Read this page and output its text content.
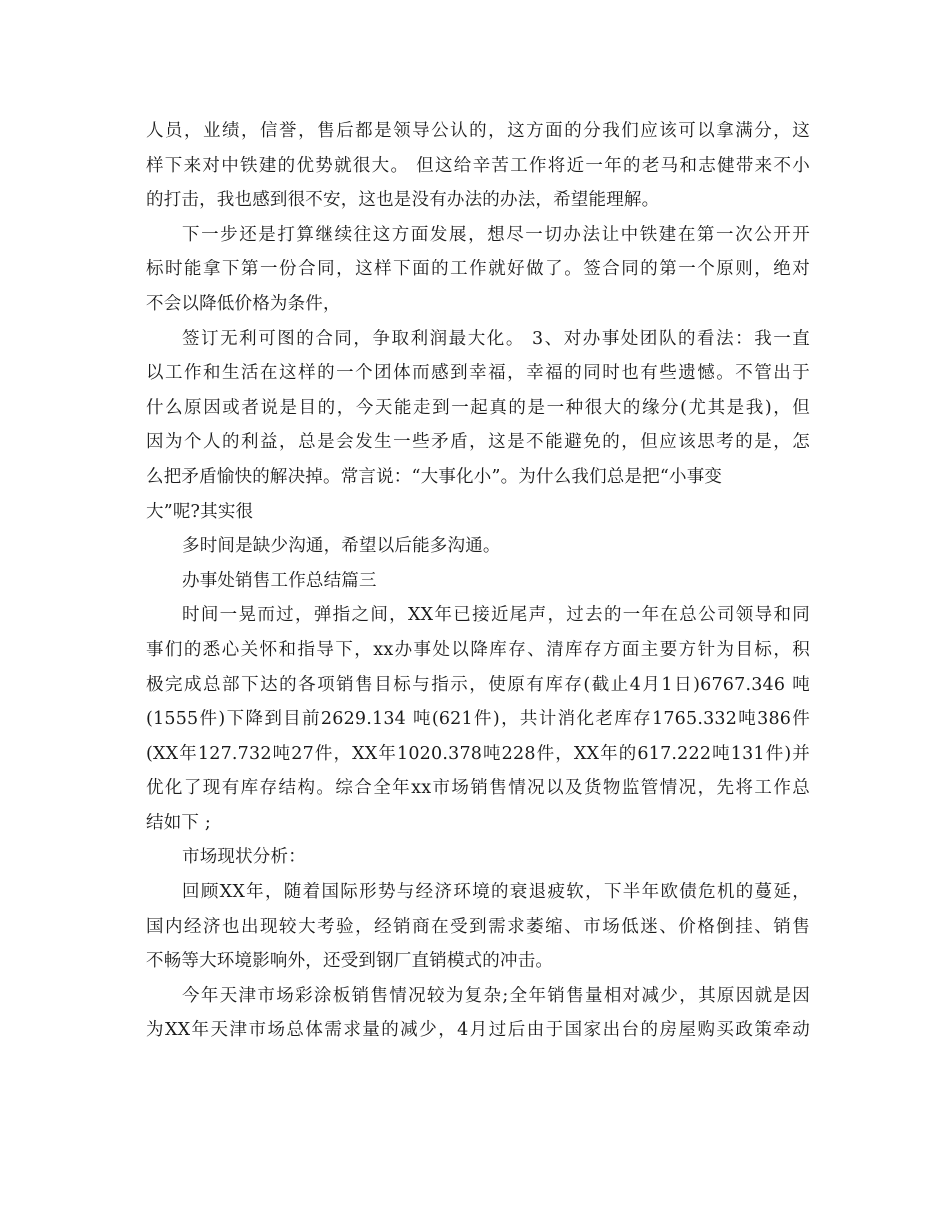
人员，业绩，信誉，售后都是领导公认的，这方面的分我们应该可以拿满分，这
样下来对中铁建的优势就很大。 但这给辛苦工作将近一年的老马和志健带来不小
的打击，我也感到很不安，这也是没有办法的办法，希望能理解。
下一步还是打算继续往这方面发展，想尽一切办法让中铁建在第一次公开开
标时能拿下第一份合同，这样下面的工作就好做了。签合同的第一个原则，绝对
不会以降低价格为条件，
签订无利可图的合同，争取利润最大化。 3、对办事处团队的看法：我一直
以工作和生活在这样的一个团体而感到幸福，幸福的同时也有些遗憾。不管出于
什么原因或者说是目的，今天能走到一起真的是一种很大的缘分(尤其是我)，但
因为个人的利益，总是会发生一些矛盾，这是不能避免的，但应该思考的是，怎
么把矛盾愉快的解决掉。常言说：“大事化小”。为什么我们总是把“小事变
大”呢?其实很
多时间是缺少沟通，希望以后能多沟通。
办事处销售工作总结篇三
时间一晃而过，弹指之间，XX年已接近尾声，过去的一年在总公司领导和同
事们的悉心关怀和指导下，xx办事处以降库存、清库存方面主要方针为目标，积
极完成总部下达的各项销售目标与指示，使原有库存(截止4月1日)6767.346 吨
(1555件)下降到目前2629.134 吨(621件)，共计消化老库存1765.332吨386件
(XX年127.732吨27件，XX年1020.378吨228件，XX年的617.222吨131件)并
优化了现有库存结构。综合全年xx市场销售情况以及货物监管情况，先将工作总
结如下 ;
市场现状分析：
回顾XX年，随着国际形势与经济环境的衰退疲软，下半年欧债危机的蔓延，
国内经济也出现较大考验，经销商在受到需求萎缩、市场低迷、价格倒挂、销售
不畅等大环境影响外，还受到钢厂直销模式的冲击。
今年天津市场彩涂板销售情况较为复杂;全年销售量相对减少，其原因就是因
为XX年天津市场总体需求量的减少，4月过后由于国家出台的房屋购买政策牵动
